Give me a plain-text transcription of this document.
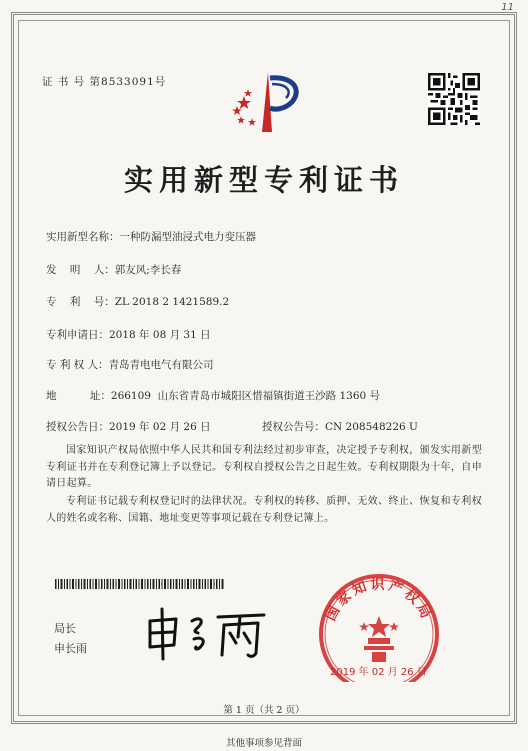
11
证 书 号 第8533091号
实用新型专利证书
实用新型名称：一种防漏型油浸式电力变压器
发    明    人：郭友风;李长春
专    利    号：ZL 2018 2 1421589.2
专利申请日：2018 年 08 月 31 日
专 利 权 人：青岛青电电气有限公司
地          址：266109  山东省青岛市城阳区惜福镇街道王沙路 1360 号
授权公告日：2019 年 02 月 26 日	授权公告号：CN 208548226 U
国家知识产权局依照中华人民共和国专利法经过初步审查，决定授予专利权，颁发实用新型专利证书并在专利登记簿上予以登记。专利权自授权公告之日起生效。专利权期限为十年，自申请日起算。
专利证书记载专利权登记时的法律状况。专利权的转移、质押、无效、终止、恢复和专利权人的姓名或名称、国籍、地址变更等事项记载在专利登记簿上。
局长
申长雨
国家知识产权局
2019 年 02 月 26 日
第 1 页（共 2 页）
其他事项参见背面
